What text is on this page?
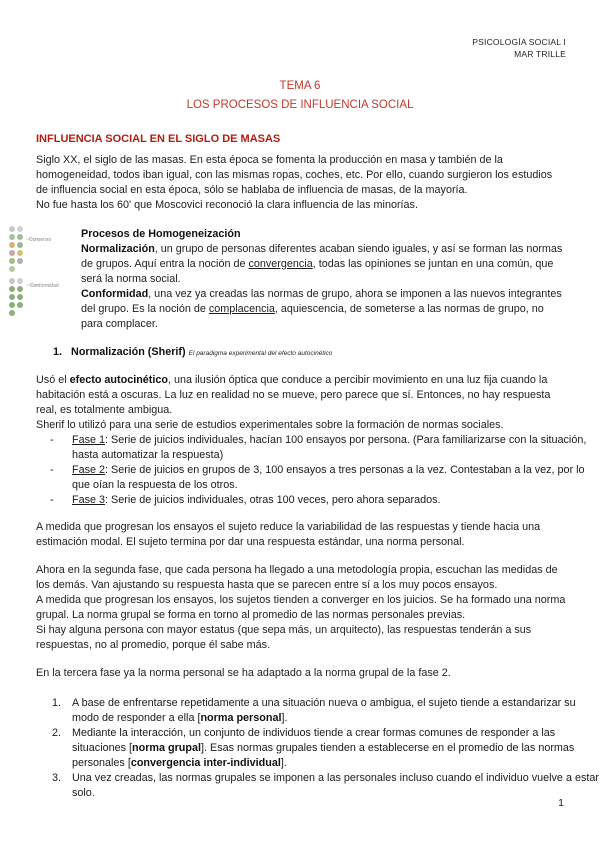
PSICOLOGÍA SOCIAL I
MAR TRILLE
TEMA 6
LOS PROCESOS DE INFLUENCIA SOCIAL
INFLUENCIA SOCIAL EN EL SIGLO DE MASAS

Siglo XX, el siglo de las masas. En esta época se fomenta la producción en masa y también de la homogeneidad, todos iban igual, con las mismas ropas, coches, etc. Por ello, cuando surgieron los estudios de influencia social en esta época, sólo se hablaba de influencia de masas, de la mayoría.

No fue hasta los 60' que Moscovici reconoció la clara influencia de las minorías.

Ccnsenso
Conformidad

Procesos de Homogeneización

Normalización, un grupo de personas diferentes acaban siendo iguales, y así se forman las normas de grupos. Aquí entra la noción de convergencia, todas las opiniones se juntan en una común, que será la norma social.

Conformidad, una vez ya creadas las normas de grupo, ahora se imponen a las nuevos integrantes del grupo. Es la noción de complacencia, aquiescencia, de someterse a las normas de grupo, no para complacer.

1. Normalización (Sherif) El paradigma experimental del efecto autocinético

Usó el efecto autocinético, una ilusión óptica que conduce a percibir movimiento en una luz fija cuando la habitación está a oscuras. La luz en realidad no se mueve, pero parece que sí. Entonces, no hay respuesta real, es totalmente ambigua.

Sherif lo utilizó para una serie de estudios experimentales sobre la formación de normas sociales.

- Fase 1: Serie de juicios individuales, hacían 100 ensayos por persona. (Para familiarizarse con la situación, hasta automatizar la respuesta)
- Fase 2: Serie de juicios en grupos de 3, 100 ensayos a tres personas a la vez. Contestaban a la vez, por lo que oían la respuesta de los otros.
- Fase 3: Serie de juicios individuales, otras 100 veces, pero ahora separados.
A medida que progresan los ensayos el sujeto reduce la variabilidad de las respuestas y tiende hacia una estimación modal. El sujeto termina por dar una respuesta estándar, una norma personal.

Ahora en la segunda fase, que cada persona ha llegado a una metodología propia, escuchan las medidas de los demás. Van ajustando su respuesta hasta que se parecen entre sí a los muy pocos ensayos.

A medida que progresan los ensayos, los sujetos tienden a converger en los juicios. Se ha formado una norma grupal. La norma grupal se forma en torno al promedio de las normas personales previas.

Si hay alguna persona con mayor estatus (que sepa más, un arquitecto), las respuestas tenderán a sus respuestas, no al promedio, porque él sabe más.

En la tercera fase ya la norma personal se ha adaptado a la norma grupal de la fase 2.
1. A base de enfrentarse repetidamente a una situación nueva o ambigua, el sujeto tiende a estandarizar su modo de responder a ella [norma personal].
2. Mediante la interacción, un conjunto de individuos tiende a crear formas comunes de responder a las situaciones [norma grupal]. Esas normas grupales tienden a establecerse en el promedio de las normas personales [convergencia inter-individual].
3. Una vez creadas, las normas grupales se imponen a las personales incluso cuando el individuo vuelve a estar solo.
1
